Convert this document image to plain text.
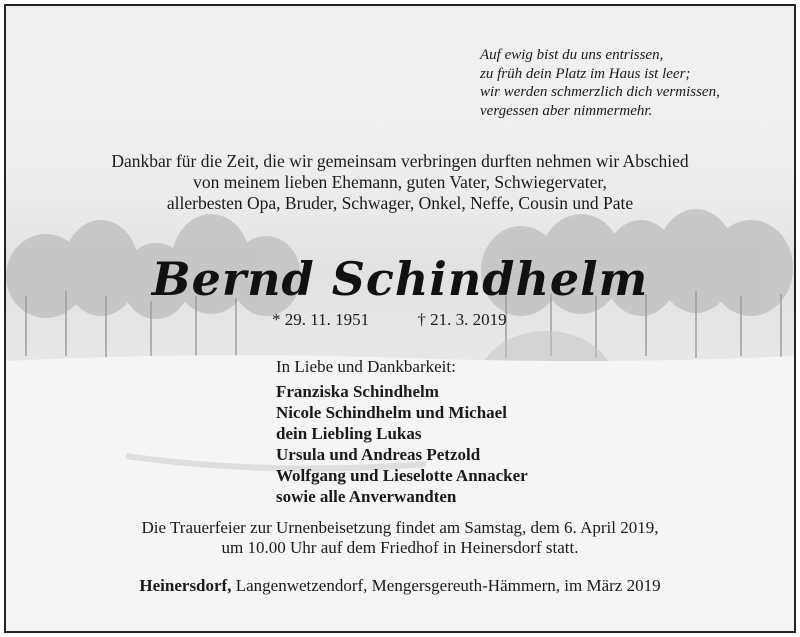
Auf ewig bist du uns entrissen,
zu früh dein Platz im Haus ist leer;
wir werden schmerzlich dich vermissen,
vergessen aber nimmermehr.
Dankbar für die Zeit, die wir gemeinsam verbringen durften nehmen wir Abschied
von meinem lieben Ehemann, guten Vater, Schwiegervater,
allerbesten Opa, Bruder, Schwager, Onkel, Neffe, Cousin und Pate
Bernd Schindhelm
* 29. 11. 1951	† 21. 3. 2019
In Liebe und Dankbarkeit:
Franziska Schindhelm
Nicole Schindhelm und Michael
dein Liebling Lukas
Ursula und Andreas Petzold
Wolfgang und Lieselotte Annacker
sowie alle Anverwandten
Die Trauerfeier zur Urnenbeisetzung findet am Samstag, dem 6. April 2019,
um 10.00 Uhr auf dem Friedhof in Heinersdorf statt.
Heinersdorf, Langenwetzendorf, Mengersgereuth-Hämmern, im März 2019
